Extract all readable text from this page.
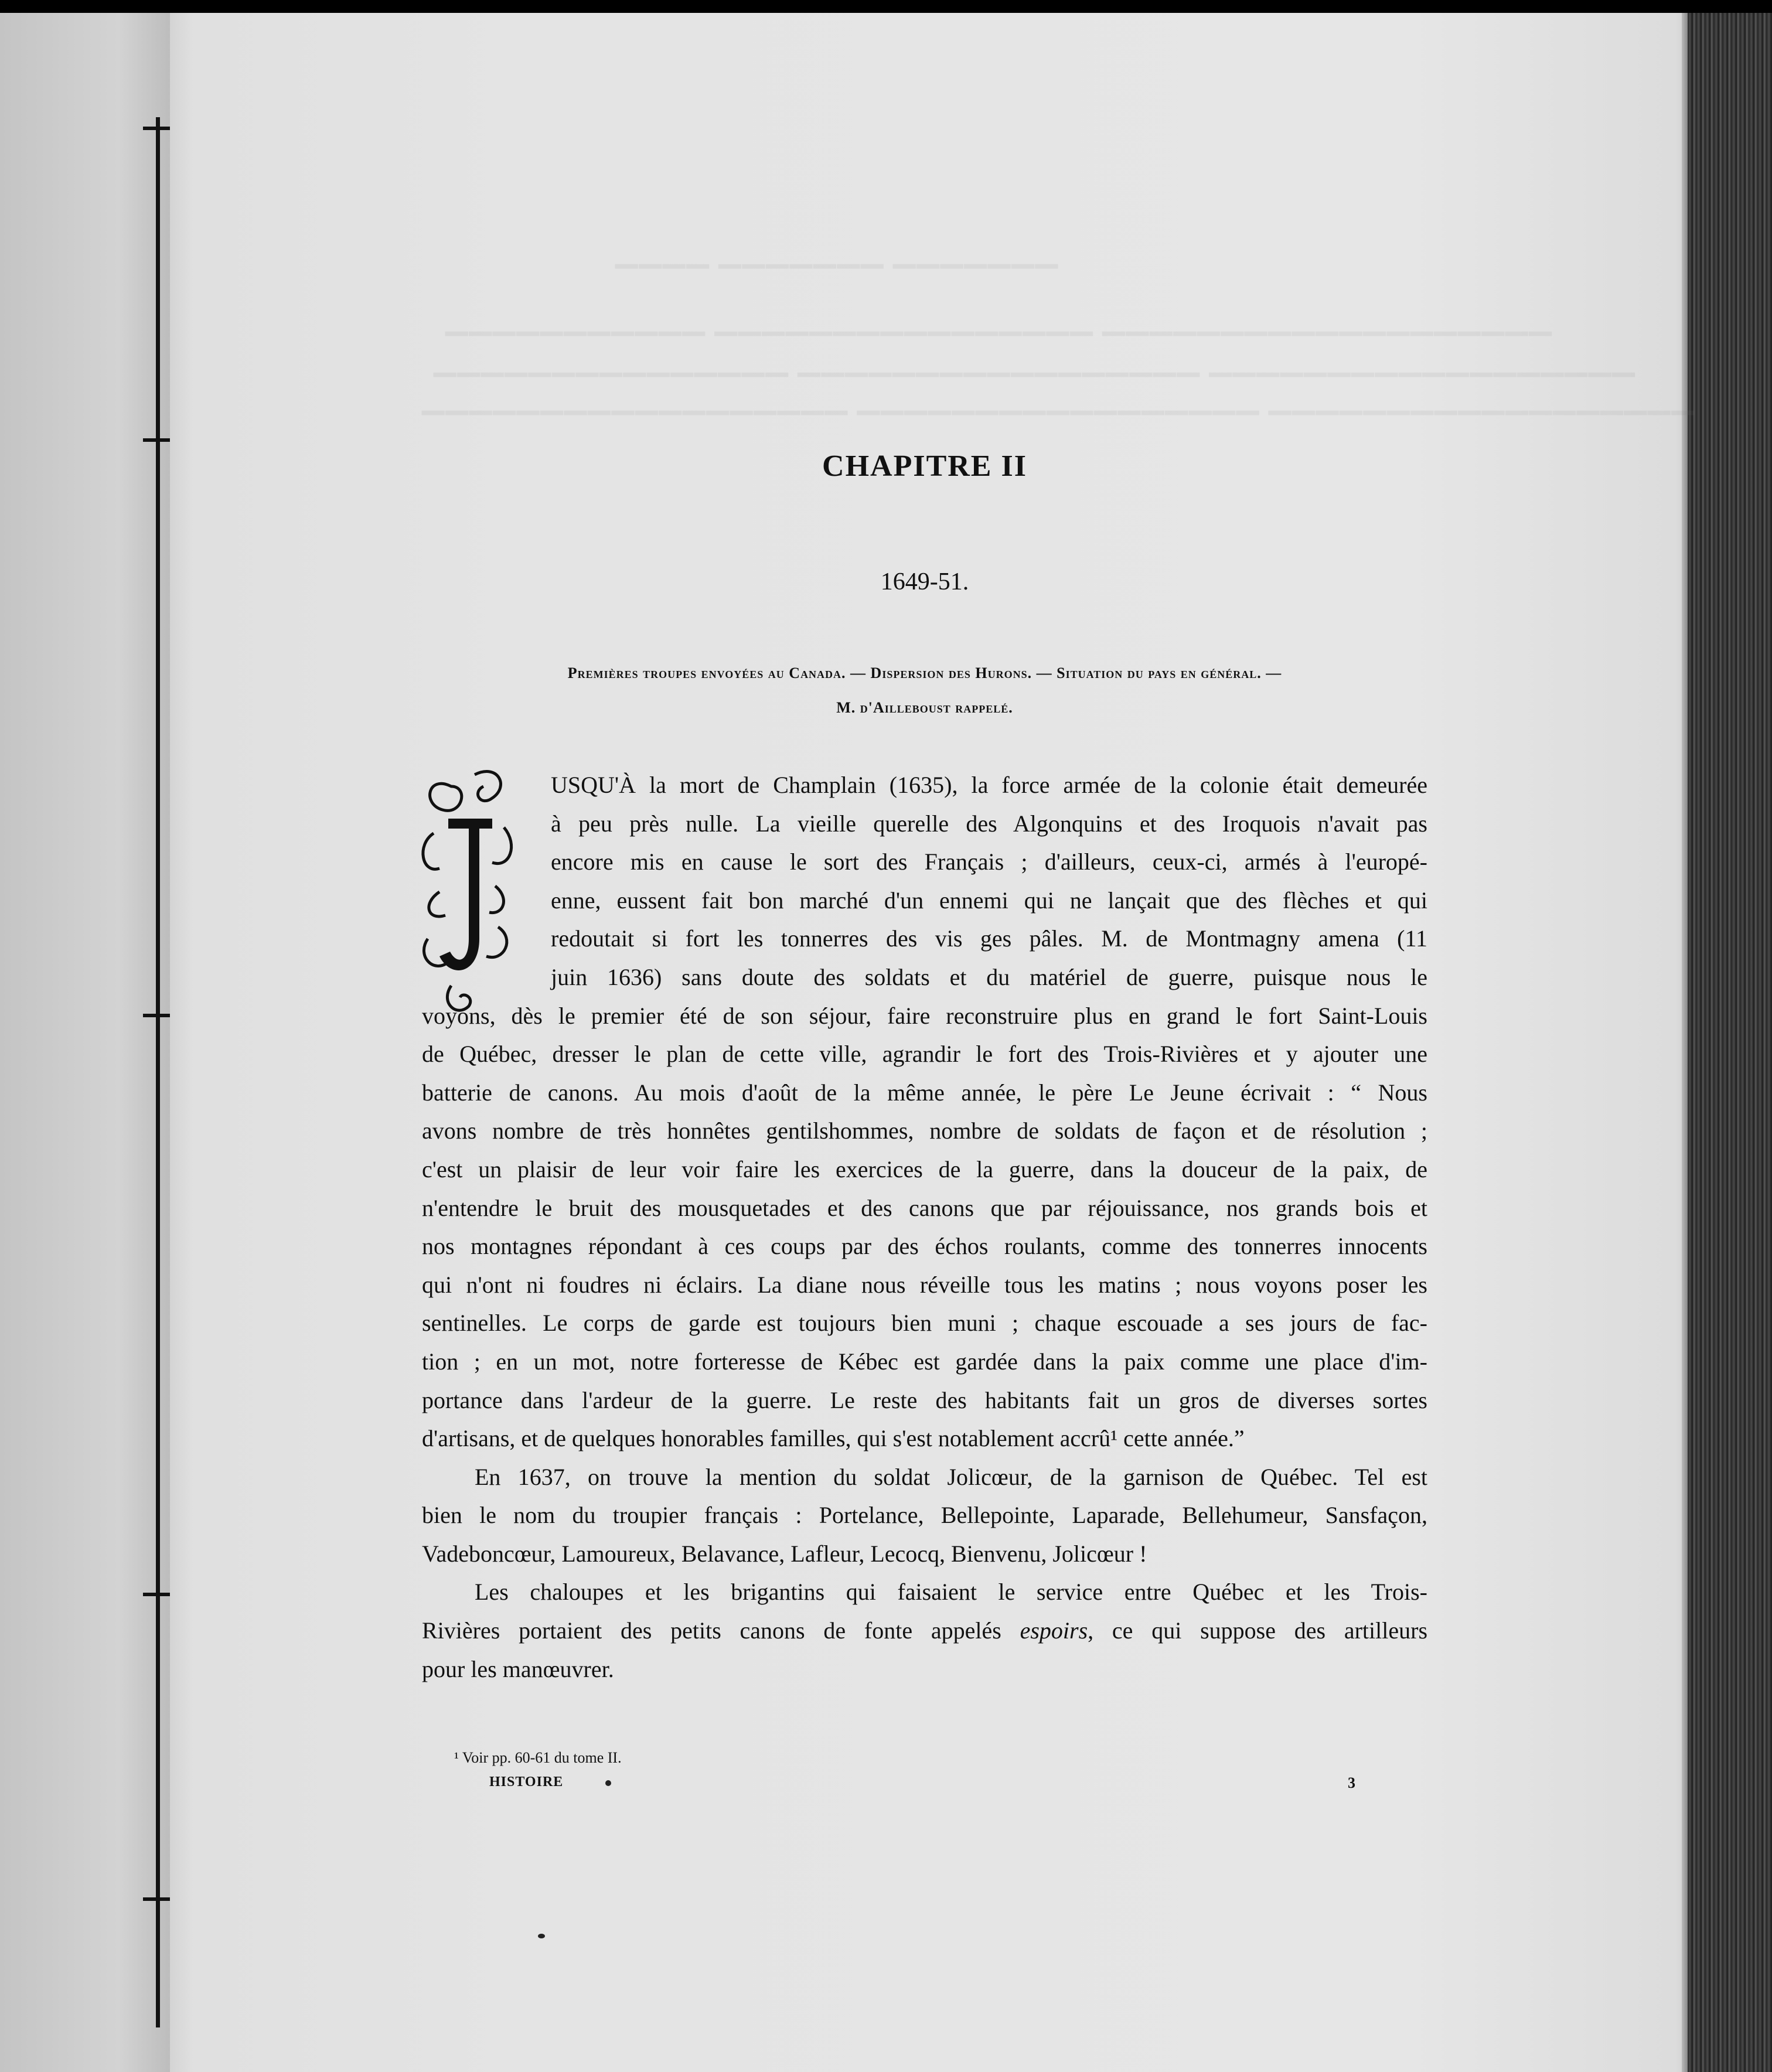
▁▁▁▁ ▁▁▁▁▁▁▁ ▁▁▁▁▁▁▁
▁▁▁▁▁▁▁▁▁▁▁ ▁▁▁▁▁▁▁▁▁▁▁▁▁▁▁▁ ▁▁▁▁▁▁▁▁▁▁▁▁▁▁▁▁▁▁▁
▁▁▁▁▁▁▁▁▁▁▁▁▁▁▁ ▁▁▁▁▁▁▁▁▁▁▁▁▁▁▁▁▁ ▁▁▁▁▁▁▁▁▁▁▁▁▁▁▁▁▁▁
▁▁▁▁▁▁▁▁▁▁▁▁▁▁▁▁▁▁ ▁▁▁▁▁▁▁▁▁▁▁▁▁▁▁▁▁ ▁▁▁▁▁▁▁▁▁▁▁▁▁▁▁▁▁▁
CHAPITRE II
1649-51.
Premières troupes envoyées au Canada. — Dispersion des Hurons. — Situation du pays en général. —
M. d'Ailleboust rappelé.
J
USQU'À la mort de Champlain (1635), la force armée de la colonie était demeurée
à peu près nulle. La vieille querelle des Algonquins et des Iroquois n'avait pas
encore mis en cause le sort des Français ; d'ailleurs, ceux-ci, armés à l'europé-
enne, eussent fait bon marché d'un ennemi qui ne lançait que des flèches et qui
redoutait si fort les tonnerres des vis ges pâles. M. de Montmagny amena (11
juin 1636) sans doute des soldats et du matériel de guerre, puisque nous le
voyons, dès le premier été de son séjour, faire reconstruire plus en grand le fort Saint-Louis
de Québec, dresser le plan de cette ville, agrandir le fort des Trois-Rivières et y ajouter une
batterie de canons. Au mois d'août de la même année, le père Le Jeune écrivait : “ Nous
avons nombre de très honnêtes gentilshommes, nombre de soldats de façon et de résolution ;
c'est un plaisir de leur voir faire les exercices de la guerre, dans la douceur de la paix, de
n'entendre le bruit des mousquetades et des canons que par réjouissance, nos grands bois et
nos montagnes répondant à ces coups par des échos roulants, comme des tonnerres innocents
qui n'ont ni foudres ni éclairs. La diane nous réveille tous les matins ; nous voyons poser les
sentinelles. Le corps de garde est toujours bien muni ; chaque escouade a ses jours de fac-
tion ; en un mot, notre forteresse de Kébec est gardée dans la paix comme une place d'im-
portance dans l'ardeur de la guerre. Le reste des habitants fait un gros de diverses sortes
d'artisans, et de quelques honorables familles, qui s'est notablement accrû¹ cette année.”
En 1637, on trouve la mention du soldat Jolicœur, de la garnison de Québec. Tel est
bien le nom du troupier français : Portelance, Bellepointe, Laparade, Bellehumeur, Sansfaçon,
Vadeboncœur, Lamoureux, Belavance, Lafleur, Lecocq, Bienvenu, Jolicœur !
Les chaloupes et les brigantins qui faisaient le service entre Québec et les Trois-
Rivières portaient des petits canons de fonte appelés espoirs, ce qui suppose des artilleurs
pour les manœuvrer.
¹ Voir pp. 60-61 du tome II.
HISTOIRE	3
